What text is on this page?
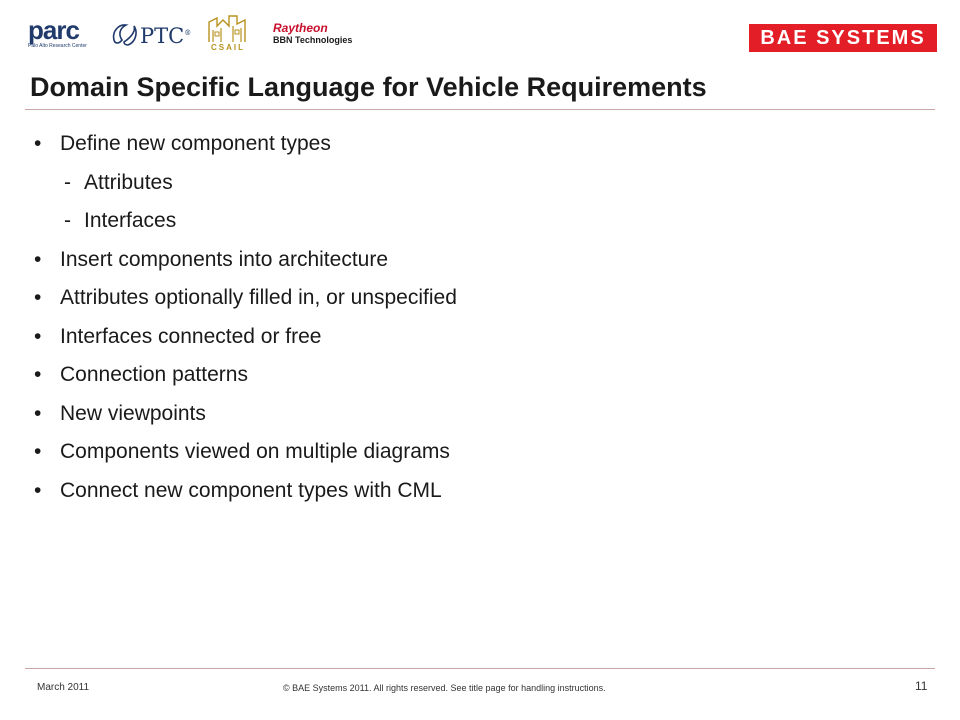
parc
Palo Alto Research Center	PTC®
CSAIL
Raytheon
BBN Technologies	BAE SYSTEMS
Domain Specific Language for Vehicle Requirements
• Define new component types
- Attributes
- Interfaces
• Insert components into architecture
• Attributes optionally filled in, or unspecified
• Interfaces connected or free
• Connection patterns
• New viewpoints
• Components viewed on multiple diagrams
• Connect new component types with CML
March 2011	© BAE Systems 2011. All rights reserved. See title page for handling instructions.	11
